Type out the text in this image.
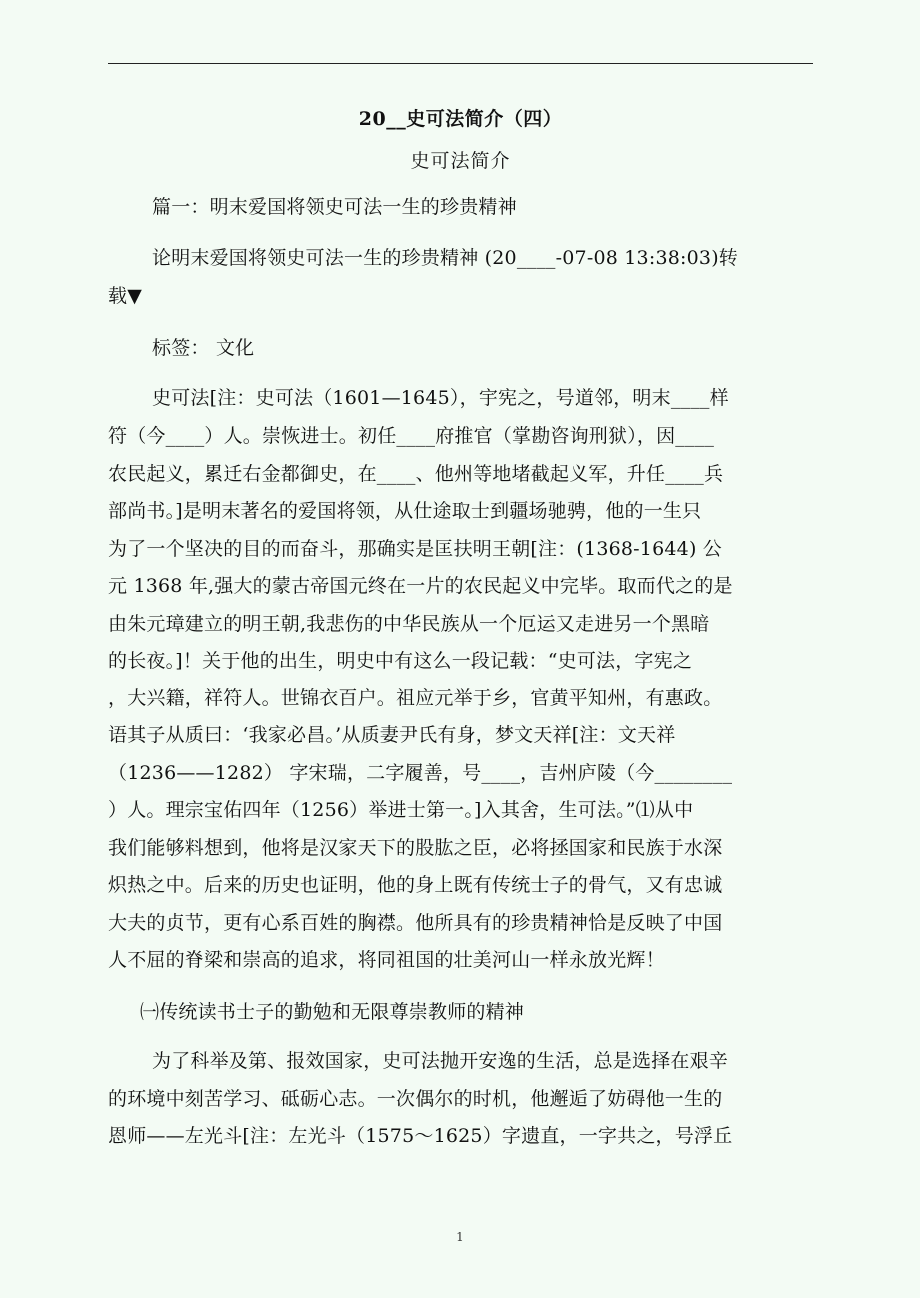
20__史可法简介（四）
史可法简介
篇一：明末爱国将领史可法一生的珍贵精神
论明末爱国将领史可法一生的珍贵精神 (20____-07-08 13:38:03)转
载▼
标签： 文化
史可法[注：史可法（1601—1645），宇宪之，号道邻，明末____样
符（今____）人。崇恢进士。初任____府推官（掌勘咨询刑狱），因____
农民起义，累迁右金都御史，在____、他州等地堵截起义军，升任____兵
部尚书。]是明末著名的爱国将领，从仕途取士到疆场驰骋，他的一生只
为了一个坚决的目的而奋斗，那确实是匡扶明王朝[注：(1368-1644) 公
元 1368 年,强大的蒙古帝国元终在一片的农民起义中完毕。取而代之的是
由朱元璋建立的明王朝,我悲伤的中华民族从一个厄运又走进另一个黑暗
的长夜。]！关于他的出生，明史中有这么一段记载：“史可法，字宪之
，大兴籍，祥符人。世锦衣百户。祖应元举于乡，官黄平知州，有惠政。
语其子从质曰：‘我家必昌。’从质妻尹氏有身，梦文天祥[注：文天祥
（1236——1282） 字宋瑞，二字履善，号____，吉州庐陵（今________
）人。理宗宝佑四年（1256）举进士第一。]入其舍，生可法。”⑴从中
我们能够料想到，他将是汉家天下的股肱之臣，必将拯国家和民族于水深
炽热之中。后来的历史也证明，他的身上既有传统士子的骨气，又有忠诚
大夫的贞节，更有心系百姓的胸襟。他所具有的珍贵精神恰是反映了中国
人不屈的脊梁和崇高的追求，将同祖国的壮美河山一样永放光辉！
㈠传统读书士子的勤勉和无限尊崇教师的精神
为了科举及第、报效国家，史可法抛开安逸的生活，总是选择在艰辛
的环境中刻苦学习、砥砺心志。一次偶尔的时机，他邂逅了妨碍他一生的
恩师——左光斗[注：左光斗（1575～1625）字遗直，一字共之，号浮丘
1
